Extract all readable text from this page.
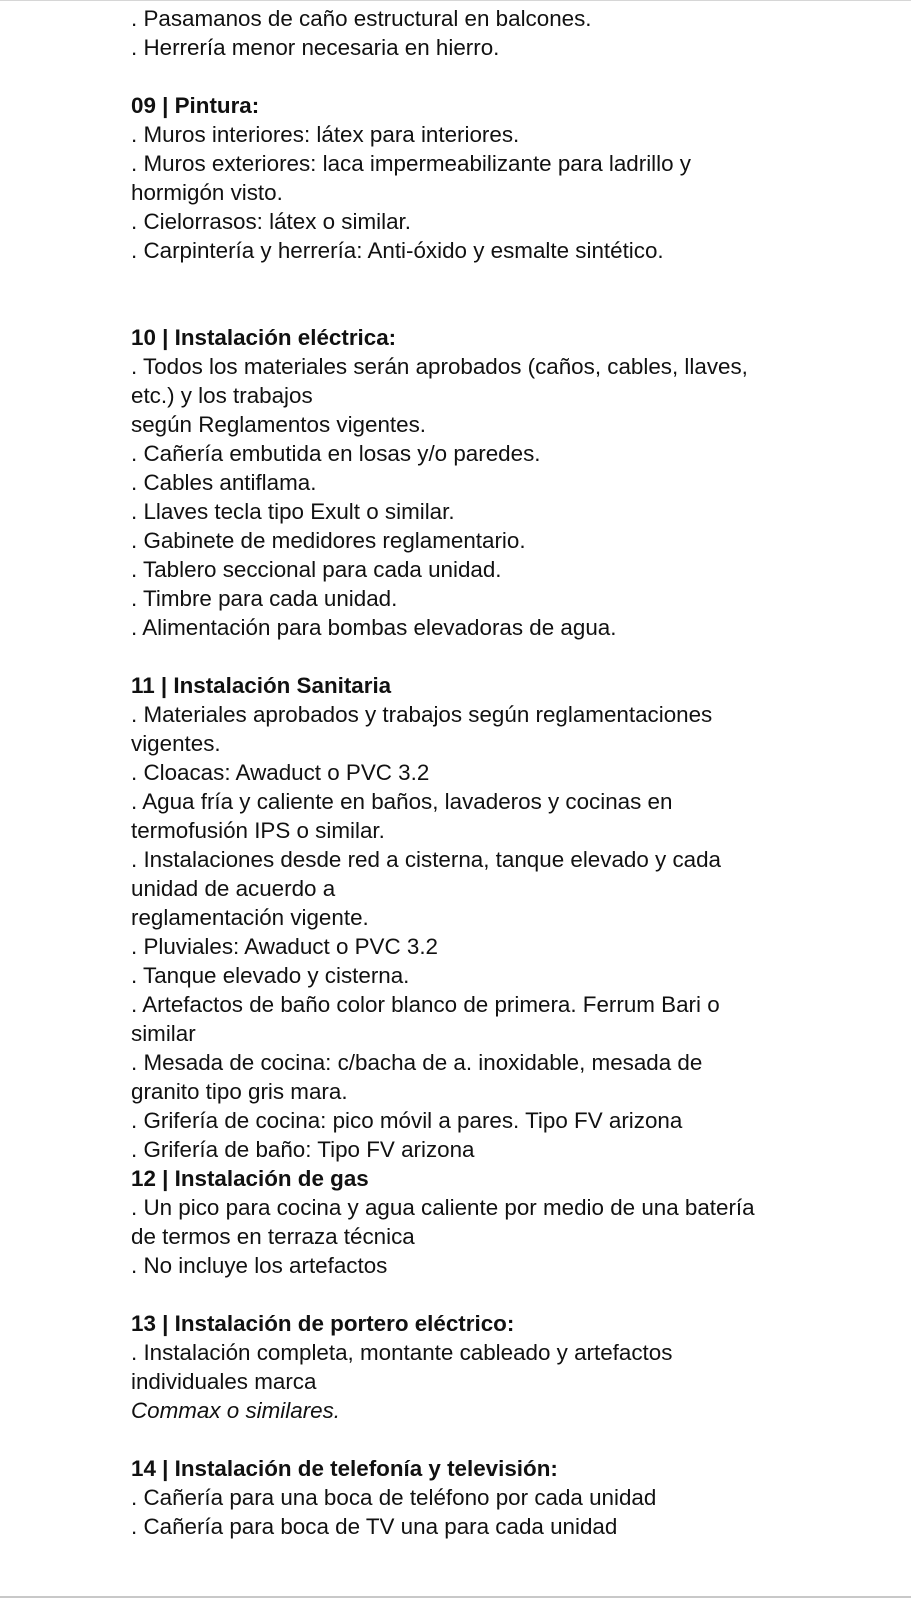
. Pasamanos de caño estructural en balcones.
. Herrería menor necesaria en hierro.
09 | Pintura:
. Muros interiores: látex para interiores.
. Muros exteriores: laca impermeabilizante para ladrillo y
hormigón visto.
. Cielorrasos: látex o similar.
. Carpintería y herrería: Anti-óxido y esmalte sintético.
10 | Instalación eléctrica:
. Todos los materiales serán aprobados (caños, cables, llaves,
etc.) y los trabajos
según Reglamentos vigentes.
. Cañería embutida en losas y/o paredes.
. Cables antiflama.
. Llaves tecla tipo Exult o similar.
. Gabinete de medidores reglamentario.
. Tablero seccional para cada unidad.
. Timbre para cada unidad.
. Alimentación para bombas elevadoras de agua.
11 | Instalación Sanitaria
. Materiales aprobados y trabajos según reglamentaciones
vigentes.
. Cloacas: Awaduct o PVC 3.2
. Agua fría y caliente en baños, lavaderos y cocinas en
termofusión IPS o similar.
. Instalaciones desde red a cisterna, tanque elevado y cada
unidad de acuerdo a
reglamentación vigente.
. Pluviales: Awaduct o PVC 3.2
. Tanque elevado y cisterna.
. Artefactos de baño color blanco de primera. Ferrum Bari o
similar
. Mesada de cocina: c/bacha de a. inoxidable, mesada de
granito tipo gris mara.
. Grifería de cocina: pico móvil a pares. Tipo FV arizona
. Grifería de baño: Tipo FV arizona
12 | Instalación de gas
. Un pico para cocina y agua caliente por medio de una batería
de termos en terraza técnica
. No incluye los artefactos
13 | Instalación de portero eléctrico:
. Instalación completa, montante cableado y artefactos
individuales marca
Commax o similares.
14 | Instalación de telefonía y televisión:
. Cañería para una boca de teléfono por cada unidad
. Cañería para boca de TV una para cada unidad
